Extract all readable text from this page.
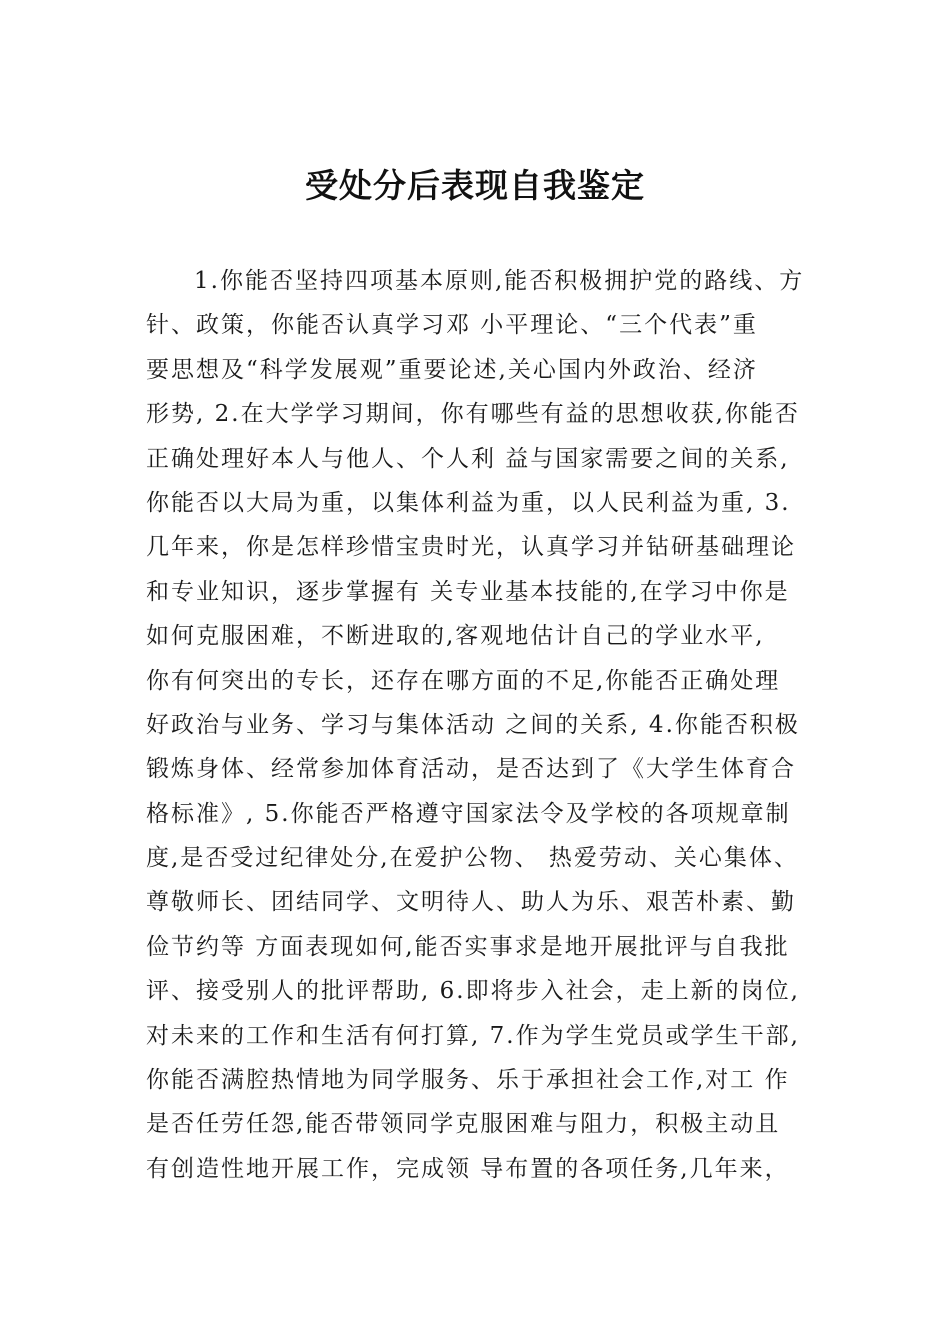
受处分后表现自我鉴定
1.你能否坚持四项基本原则,能否积极拥护党的路线、方
针、政策，你能否认真学习邓 小平理论、“三个代表”重
要思想及“科学发展观”重要论述,关心国内外政治、经济
形势, 2.在大学学习期间，你有哪些有益的思想收获,你能否
正确处理好本人与他人、个人利 益与国家需要之间的关系,
你能否以大局为重，以集体利益为重，以人民利益为重, 3.
几年来，你是怎样珍惜宝贵时光，认真学习并钻研基础理论
和专业知识，逐步掌握有 关专业基本技能的,在学习中你是
如何克服困难，不断进取的,客观地估计自己的学业水平,
你有何突出的专长，还存在哪方面的不足,你能否正确处理
好政治与业务、学习与集体活动 之间的关系, 4.你能否积极
锻炼身体、经常参加体育活动，是否达到了《大学生体育合
格标准》, 5.你能否严格遵守国家法令及学校的各项规章制
度,是否受过纪律处分,在爱护公物、 热爱劳动、关心集体、
尊敬师长、团结同学、文明待人、助人为乐、艰苦朴素、勤
俭节约等 方面表现如何,能否实事求是地开展批评与自我批
评、接受别人的批评帮助, 6.即将步入社会，走上新的岗位,
对未来的工作和生活有何打算, 7.作为学生党员或学生干部,
你能否满腔热情地为同学服务、乐于承担社会工作,对工 作
是否任劳任怨,能否带领同学克服困难与阻力，积极主动且
有创造性地开展工作，完成领 导布置的各项任务,几年来，
